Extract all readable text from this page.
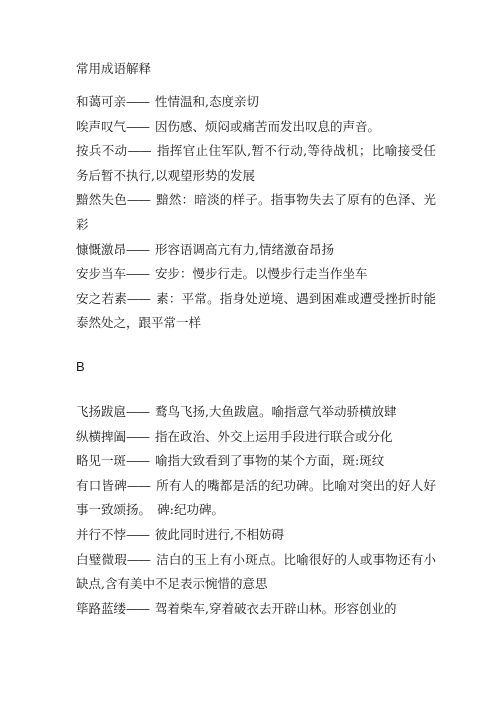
常用成语解释
和蔼可亲—— 性情温和,态度亲切
唉声叹气—— 因伤感、烦闷或痛苦而发出叹息的声音。
按兵不动—— 指挥官止住军队,暂不行动,等待战机；比喻接受任务后暂不执行,以观望形势的发展
黯然失色—— 黯然：暗淡的样子。指事物失去了原有的色泽、光彩
慷慨激昂—— 形容语调高亢有力,情绪激奋昂扬
安步当车—— 安步：慢步行走。以慢步行走当作坐车
安之若素—— 素：平常。指身处逆境、遇到困难或遭受挫折时能泰然处之，跟平常一样
B
飞扬跋扈—— 鹜鸟飞扬,大鱼跋扈。喻指意气举动骄横放肆
纵横捭阖—— 指在政治、外交上运用手段进行联合或分化
略见一斑—— 喻指大致看到了事物的某个方面，斑:斑纹
有口皆碑—— 所有人的嘴都是活的纪功碑。比喻对突出的好人好事一致颂扬。　碑:纪功碑。
并行不悖—— 彼此同时进行,不相妨碍
白璧微瑕—— 洁白的玉上有小斑点。比喻很好的人或事物还有小缺点,含有美中不足表示惋惜的意思
筚路蓝缕—— 驾着柴车,穿着破衣去开辟山林。形容创业的
